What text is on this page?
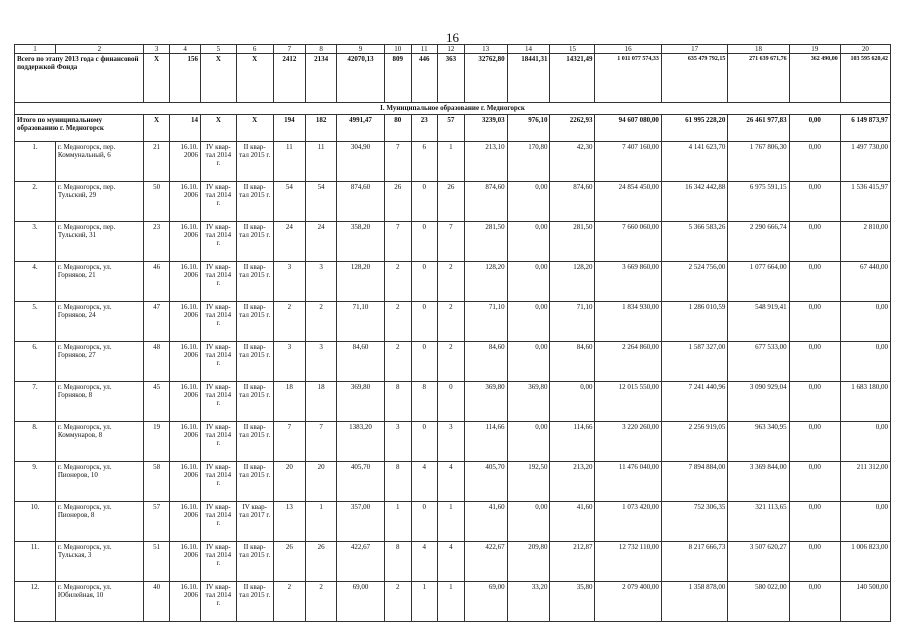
16
1	2	3	4	5	6	7	8	9	10	11	12	13	14	15	16	17	18	19	20
Всего по этапу 2013 года с финансовой поддержкой Фонда		X	156	X	X	2412	2134	42070,13	809	446	363	32762,80	18441,31	14321,49	1 011 077 574,33	635 479 792,15	271 639 671,76	362 490,00	103 595 620,42
I. Муниципальное образование г. Медногорск																			
Итого по муниципальному образованию г. Медногорск		X	14	X	X	194	182	4991,47	80	23	57	3239,03	976,10	2262,93	94 607 080,00	61 995 228,20	26 461 977,83	0,00	6 149 873,97
1.	г. Медногорск, пер. Коммунальный, 6	21	16.10. 2006	IV квар- тал 2014 г.	II квар- тал 2015 г.	11	11	304,90	7	6	1	213,10	170,80	42,30	7 407 160,00	4 141 623,70	1 767 806,30	0,00	1 497 730,00
2.	г. Медногорск, пер. Тульский, 29	50	16.10. 2006	IV квар- тал 2014 г.	II квар- тал 2015 г.	54	54	874,60	26	0	26	874,60	0,00	874,60	24 854 450,00	16 342 442,88	6 975 591,15	0,00	1 536 415,97
3.	г. Медногорск, пер. Тульский, 31	23	16.10. 2006	IV квар- тал 2014 г.	II квар- тал 2015 г.	24	24	358,20	7	0	7	281,50	0,00	281,50	7 660 060,00	5 366 583,26	2 290 666,74	0,00	2 810,00
4.	г. Медногорск, ул. Горняков, 21	46	16.10. 2006	IV квар- тал 2014 г.	II квар- тал 2015 г.	3	3	128,20	2	0	2	128,20	0,00	128,20	3 669 860,00	2 524 756,00	1 077 664,00	0,00	67 440,00
5.	г. Медногорск, ул. Горняков, 24	47	16.10. 2006	IV квар- тал 2014 г.	II квар- тал 2015 г.	2	2	71,10	2	0	2	71,10	0,00	71,10	1 834 930,00	1 286 010,59	548 919,41	0,00	0,00
6.	г. Медногорск, ул. Горняков, 27	48	16.10. 2006	IV квар- тал 2014 г.	II квар- тал 2015 г.	3	3	84,60	2	0	2	84,60	0,00	84,60	2 264 860,00	1 587 327,00	677 533,00	0,00	0,00
7.	г. Медногорск, ул. Горняков, 8	45	16.10. 2006	IV квар- тал 2014 г.	II квар- тал 2015 г.	18	18	369,80	8	8	0	369,80	369,80	0,00	12 015 550,00	7 241 440,96	3 090 929,04	0,00	1 683 180,00
8.	г. Медногорск, ул. Коммунаров, 8	19	16.10. 2006	IV квар- тал 2014 г.	II квар- тал 2015 г.	7	7	1383,20	3	0	3	114,66	0,00	114,66	3 220 260,00	2 256 919,05	963 340,95	0,00	0,00
9.	г. Медногорск, ул. Пионеров, 10	58	16.10. 2006	IV квар- тал 2014 г.	II квар- тал 2015 г.	20	20	405,70	8	4	4	405,70	192,50	213,20	11 476 040,00	7 894 884,00	3 369 844,00	0,00	211 312,00
10.	г. Медногорск, ул. Пионеров, 8	57	16.10. 2006	IV квар- тал 2014 г.	IV квар- тал 2017 г.	13	1	357,00	1	0	1	41,60	0,00	41,60	1 073 420,00	752 306,35	321 113,65	0,00	0,00
11.	г. Медногорск, ул. Тульская, 3	51	16.10. 2006	IV квар- тал 2014 г.	II квар- тал 2015 г.	26	26	422,67	8	4	4	422,67	209,80	212,87	12 732 110,00	8 217 666,73	3 507 620,27	0,00	1 006 823,00
12.	г. Медногорск, ул. Юбилейная, 10	40	16.10. 2006	IV квар- тал 2014 г.	II квар- тал 2015 г.	2	2	69,00	2	1	1	69,00	33,20	35,80	2 079 400,00	1 358 878,00	580 022,00	0,00	140 500,00
